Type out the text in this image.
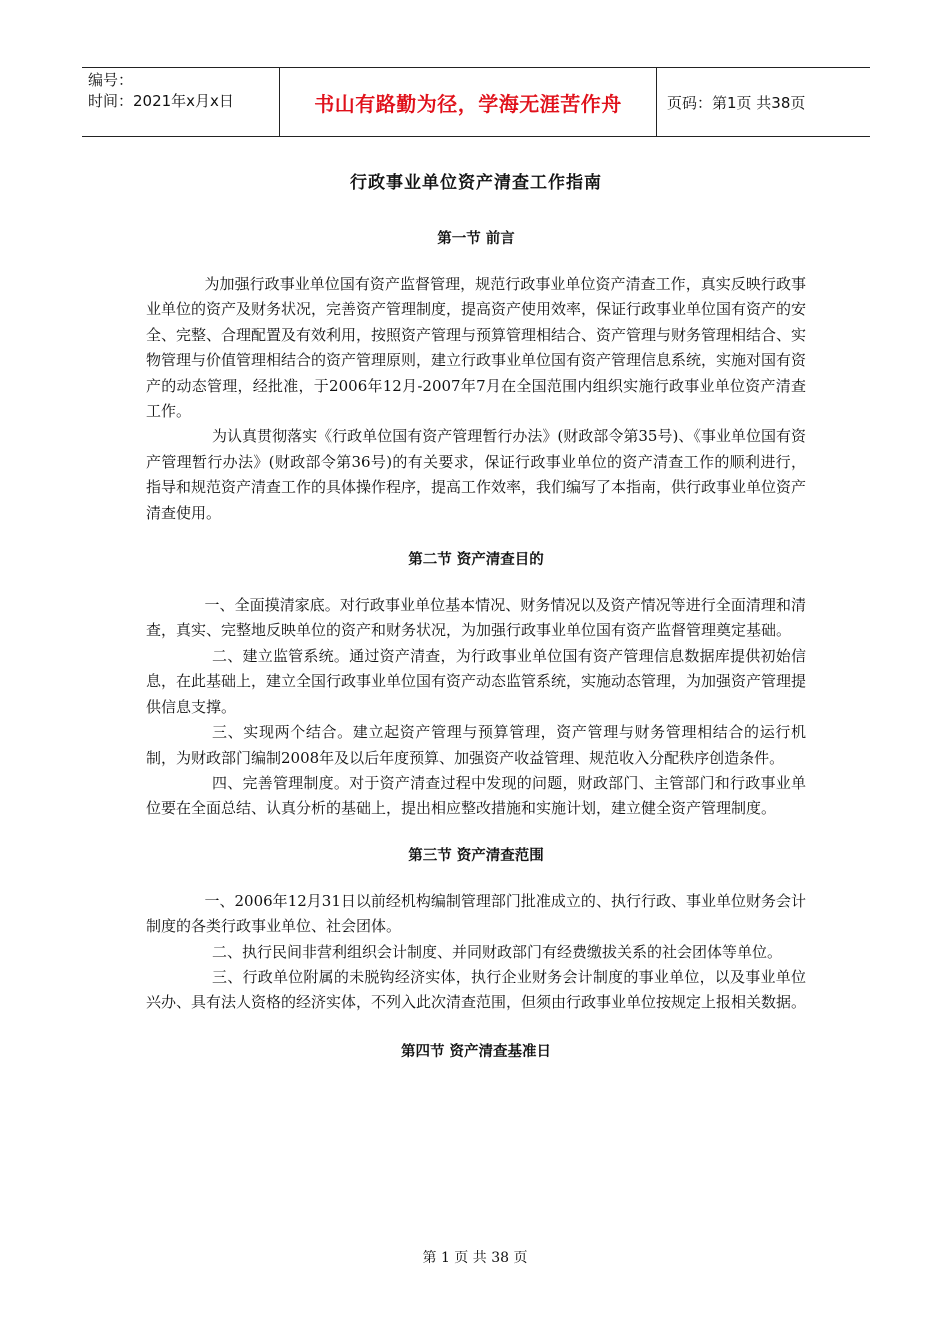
编号：
时间：2021年x月x日	书山有路勤为径，学海无涯苦作舟	页码：第1页 共38页
行政事业单位资产清查工作指南
第一节 前言

为加强行政事业单位国有资产监督管理，规范行政事业单位资产清查工作，真实反映行政事业单位的资产及财务状况，完善资产管理制度，提高资产使用效率，保证行政事业单位国有资产的安全、完整、合理配置及有效利用，按照资产管理与预算管理相结合、资产管理与财务管理相结合、实物管理与价值管理相结合的资产管理原则，建立行政事业单位国有资产管理信息系统，实施对国有资产的动态管理，经批准，于2006年12月-2007年7月在全国范围内组织实施行政事业单位资产清查工作。

为认真贯彻落实《行政单位国有资产管理暂行办法》(财政部令第35号)、《事业单位国有资产管理暂行办法》(财政部令第36号)的有关要求，保证行政事业单位的资产清查工作的顺利进行，指导和规范资产清查工作的具体操作程序，提高工作效率，我们编写了本指南，供行政事业单位资产清查使用。

第二节 资产清查目的

一、全面摸清家底。对行政事业单位基本情况、财务情况以及资产情况等进行全面清理和清查，真实、完整地反映单位的资产和财务状况，为加强行政事业单位国有资产监督管理奠定基础。

二、建立监管系统。通过资产清查，为行政事业单位国有资产管理信息数据库提供初始信息，在此基础上，建立全国行政事业单位国有资产动态监管系统，实施动态管理，为加强资产管理提供信息支撑。

三、实现两个结合。建立起资产管理与预算管理，资产管理与财务管理相结合的运行机制，为财政部门编制2008年及以后年度预算、加强资产收益管理、规范收入分配秩序创造条件。

四、完善管理制度。对于资产清查过程中发现的问题，财政部门、主管部门和行政事业单位要在全面总结、认真分析的基础上，提出相应整改措施和实施计划，建立健全资产管理制度。

第三节 资产清查范围

一、2006年12月31日以前经机构编制管理部门批准成立的、执行行政、事业单位财务会计制度的各类行政事业单位、社会团体。

二、执行民间非营利组织会计制度、并同财政部门有经费缴拔关系的社会团体等单位。

三、行政单位附属的未脱钩经济实体，执行企业财务会计制度的事业单位，以及事业单位兴办、具有法人资格的经济实体，不列入此次清查范围，但须由行政事业单位按规定上报相关数据。

第四节 资产清查基准日
第 1 页 共 38 页
